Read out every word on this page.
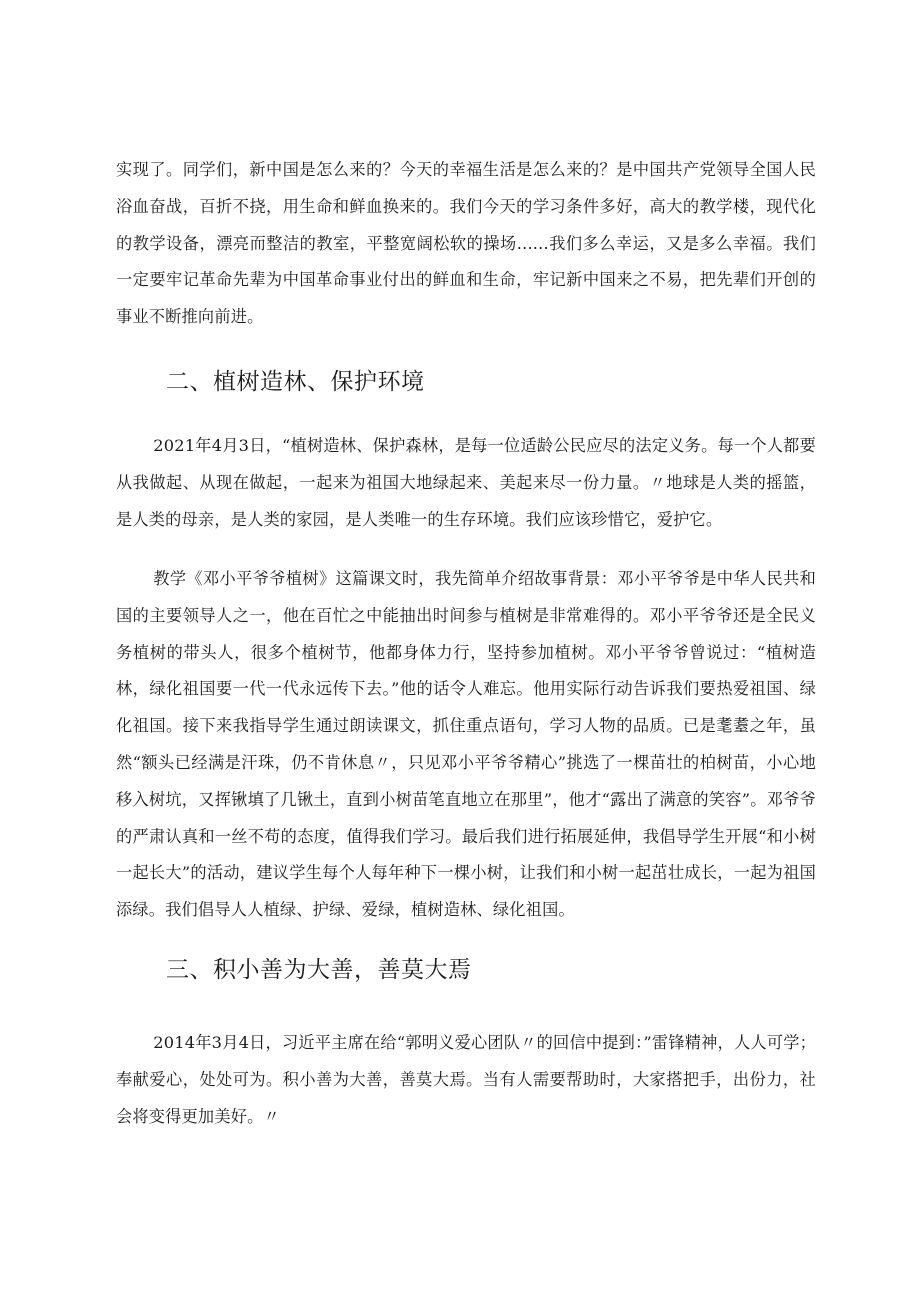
实现了。同学们，新中国是怎么来的？今天的幸福生活是怎么来的？是中国共产党领导全国人民浴血奋战，百折不挠，用生命和鲜血换来的。我们今天的学习条件多好，高大的教学楼，现代化的教学设备，漂亮而整洁的教室，平整宽阔松软的操场......我们多么幸运，又是多么幸福。我们一定要牢记革命先辈为中国革命事业付出的鲜血和生命，牢记新中国来之不易，把先辈们开创的事业不断推向前进。

二、植树造林、保护环境

2021年4月3日，“植树造林、保护森林，是每一位适龄公民应尽的法定义务。每一个人都要从我做起、从现在做起，一起来为祖国大地绿起来、美起来尽一份力量。〃地球是人类的摇篮，是人类的母亲，是人类的家园，是人类唯一的生存环境。我们应该珍惜它，爱护它。

教学《邓小平爷爷植树》这篇课文时，我先简单介绍故事背景：邓小平爷爷是中华人民共和国的主要领导人之一，他在百忙之中能抽出时间参与植树是非常难得的。邓小平爷爷还是全民义务植树的带头人，很多个植树节，他都身体力行，坚持参加植树。邓小平爷爷曾说过：“植树造林，绿化祖国要一代一代永远传下去。”他的话令人难忘。他用实际行动告诉我们要热爱祖国、绿化祖国。接下来我指导学生通过朗读课文，抓住重点语句，学习人物的品质。已是耄耋之年，虽然“额头已经满是汗珠，仍不肯休息〃，只见邓小平爷爷精心”挑选了一棵苗壮的柏树苗，小心地移入树坑，又挥锹填了几锹土，直到小树苗笔直地立在那里”，他才“露出了满意的笑容”。邓爷爷的严肃认真和一丝不苟的态度，值得我们学习。最后我们进行拓展延伸，我倡导学生开展“和小树一起长大”的活动，建议学生每个人每年种下一棵小树，让我们和小树一起茁壮成长，一起为祖国添绿。我们倡导人人植绿、护绿、爱绿，植树造林、绿化祖国。

三、积小善为大善，善莫大焉

2014年3月4日，习近平主席在给“郭明义爱心团队〃的回信中提到：”雷锋精神，人人可学；奉献爱心，处处可为。积小善为大善，善莫大焉。当有人需要帮助时，大家搭把手，出份力，社会将变得更加美好。〃
